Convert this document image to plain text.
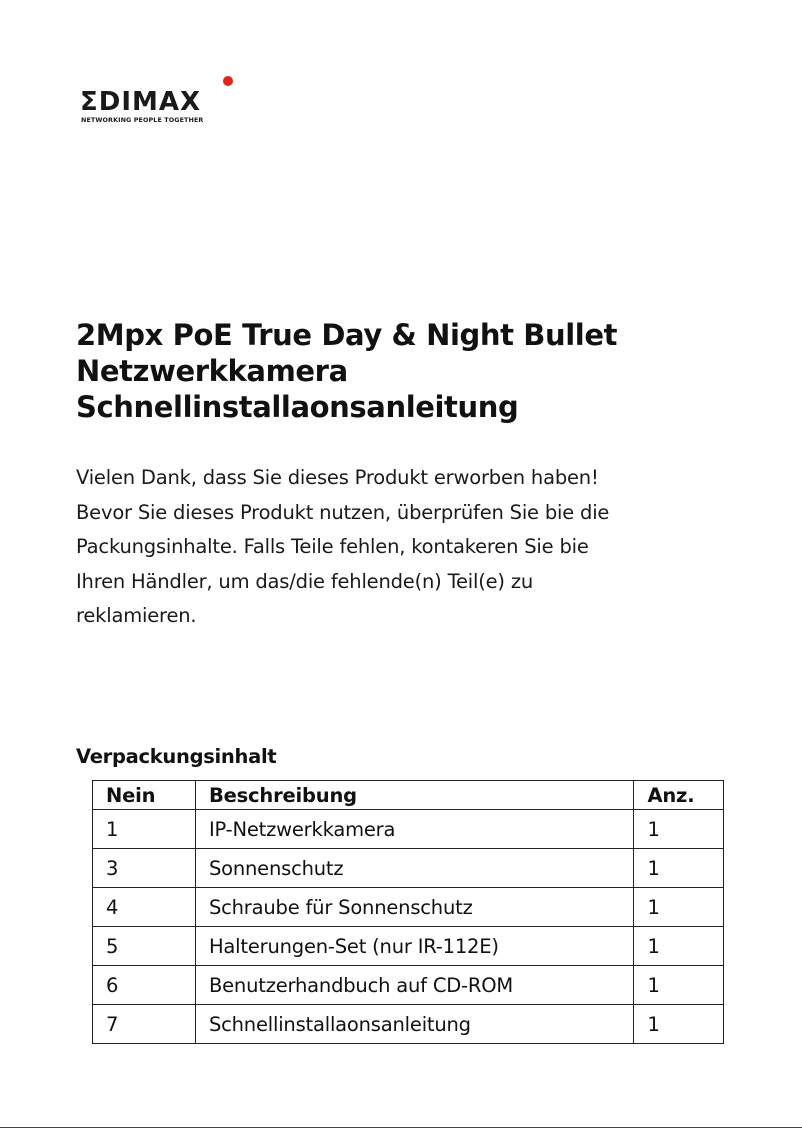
ΣDIMAX
NETWORKING PEOPLE TOGETHER
2Mpx PoE True Day & Night Bullet
Netzwerkkamera
Schnellinstallaonsanleitung

Vielen Dank, dass Sie dieses Produkt erworben haben!
Bevor Sie dieses Produkt nutzen, überprüfen Sie bie die
Packungsinhalte. Falls Teile fehlen, kontakeren Sie bie
Ihren Händler, um das/die fehlende(n) Teil(e) zu
reklamieren.

Verpackungsinhalt
Nein	Beschreibung	Anz.
1	IP-Netzwerkkamera	1
3	Sonnenschutz	1
4	Schraube für Sonnenschutz	1
5	Halterungen-Set (nur IR-112E)	1
6	Benutzerhandbuch auf CD-ROM	1
7	Schnellinstallaonsanleitung	1
